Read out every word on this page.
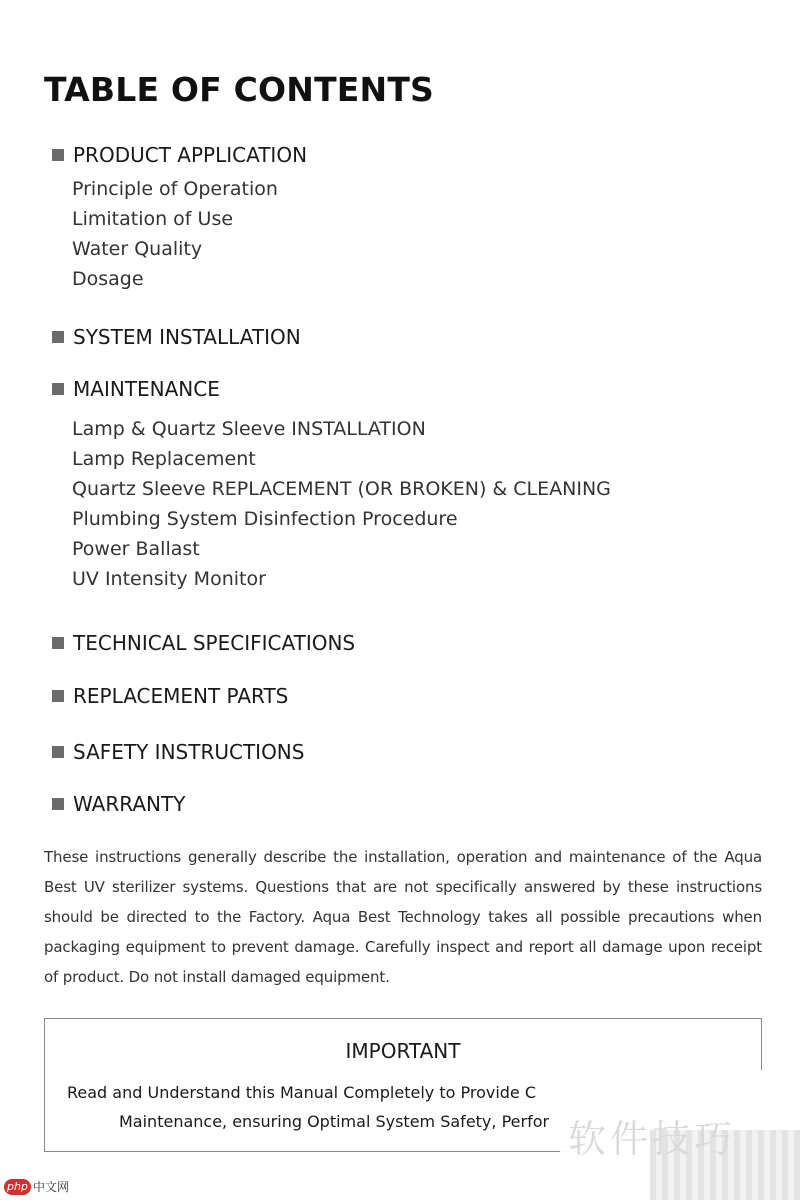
TABLE OF CONTENTS
PRODUCT APPLICATION
Principle of Operation
Limitation of Use
Water Quality
Dosage
SYSTEM INSTALLATION
MAINTENANCE
Lamp & Quartz Sleeve INSTALLATION
Lamp Replacement
Quartz Sleeve REPLACEMENT (OR BROKEN) & CLEANING
Plumbing System Disinfection Procedure
Power Ballast
UV Intensity Monitor
TECHNICAL SPECIFICATIONS
REPLACEMENT PARTS
SAFETY INSTRUCTIONS
WARRANTY

These instructions generally describe the installation, operation and maintenance of the Aqua Best UV sterilizer systems. Questions that are not specifically answered by these instructions should be directed to the Factory. Aqua Best Technology takes all possible precautions when packaging equipment to prevent damage. Carefully inspect and report all damage upon receipt of product. Do not install damaged equipment.

IMPORTANT
Read and Understand this Manual Completely to Provide C
Maintenance, ensuring Optimal System Safety, Perfor 软件技巧
php 中文网
